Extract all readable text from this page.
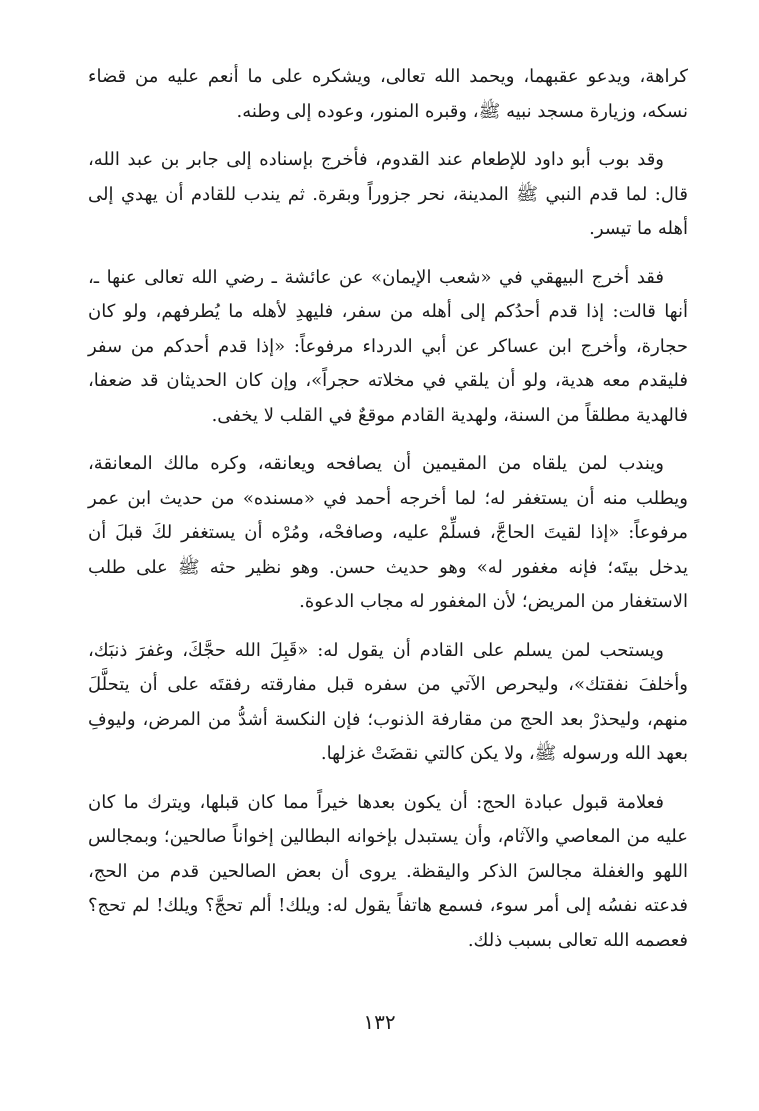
كراهة، ويدعو عقبهما، ويحمد الله تعالى، ويشكره على ما أنعم عليه من قضاء نسكه، وزيارة مسجد نبيه ﷺ، وقبره المنور، وعوده إلى وطنه.

وقد بوب أبو داود للإطعام عند القدوم، فأخرج بإسناده إلى جابر بن عبد الله، قال: لما قدم النبي ﷺ المدينة، نحر جزوراً وبقرة. ثم يندب للقادم أن يهدي إلى أهله ما تيسر.

فقد أخرج البيهقي في «شعب الإيمان» عن عائشة ـ رضي الله تعالى عنها ـ، أنها قالت: إذا قدم أحدُكم إلى أهله من سفر، فليهدِ لأهله ما يُطرفهم، ولو كان حجارة، وأخرج ابن عساكر عن أبي الدرداء مرفوعاً: «إذا قدم أحدكم من سفر فليقدم معه هدية، ولو أن يلقي في مخلاته حجراً»، وإن كان الحديثان قد ضعفا، فالهدية مطلقاً من السنة، ولهدية القادم موقعٌ في القلب لا يخفى.

ويندب لمن يلقاه من المقيمين أن يصافحه ويعانقه، وكره مالك المعانقة، ويطلب منه أن يستغفر له؛ لما أخرجه أحمد في «مسنده» من حديث ابن عمر مرفوعاً: «إذا لقيتَ الحاجَّ، فسلِّمْ عليه، وصافحْه، ومُرْه أن يستغفر لكَ قبلَ أن يدخل بيتَه؛ فإنه مغفور له» وهو حديث حسن. وهو نظير حثه ﷺ على طلب الاستغفار من المريض؛ لأن المغفور له مجاب الدعوة.

ويستحب لمن يسلم على القادم أن يقول له: «قَبِلَ الله حجَّكَ، وغفرَ ذنبَك، وأخلفَ نفقتك»، وليحرص الآتي من سفره قبل مفارقته رفقتَه على أن يتحلَّلَ منهم، وليحذرْ بعد الحج من مقارفة الذنوب؛ فإن النكسة أشدُّ من المرض، وليوفِ بعهد الله ورسوله ﷺ، ولا يكن كالتي نقضَتْ غزلها.

فعلامة قبول عبادة الحج: أن يكون بعدها خيراً مما كان قبلها، ويترك ما كان عليه من المعاصي والآثام، وأن يستبدل بإخوانه البطالين إخواناً صالحين؛ وبمجالس اللهو والغفلة مجالسَ الذكر واليقظة. يروى أن بعض الصالحين قدم من الحج، فدعته نفسُه إلى أمر سوء، فسمع هاتفاً يقول له: ويلك! ألم تحجَّ؟ ويلك! لم تحج؟ فعصمه الله تعالى بسبب ذلك.

١٣٢
